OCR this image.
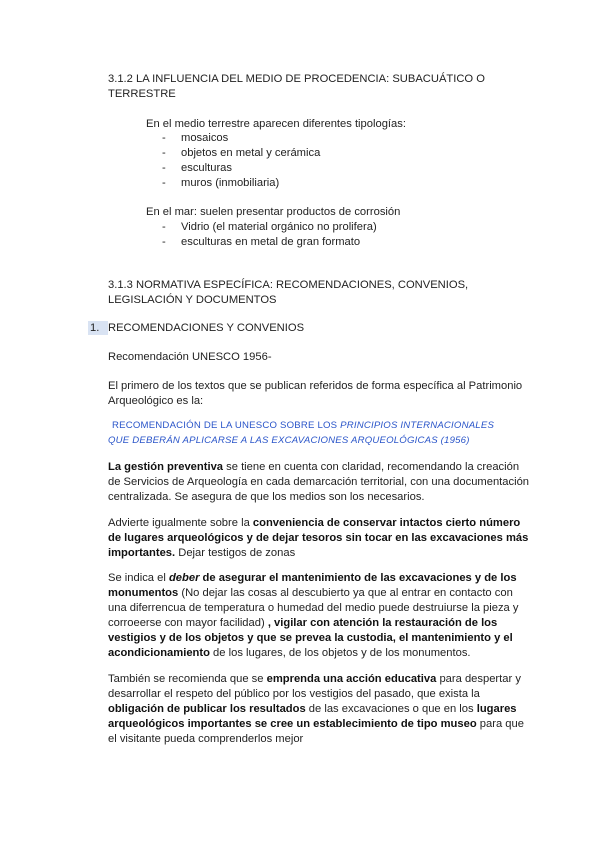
3.1.2 LA INFLUENCIA DEL MEDIO DE PROCEDENCIA: SUBACUÁTICO O
TERRESTRE
En el medio terrestre aparecen diferentes tipologías:
- mosaicos
- objetos en metal y cerámica
- esculturas
- muros (inmobiliaria)
En el mar: suelen presentar productos de corrosión
- Vidrio (el material orgánico no prolifera)
- esculturas en metal de gran formato
3.1.3 NORMATIVA ESPECÍFICA: RECOMENDACIONES, CONVENIOS,
LEGISLACIÓN Y DOCUMENTOS
1. RECOMENDACIONES Y CONVENIOS
Recomendación UNESCO 1956-
El primero de los textos que se publican referidos de forma específica al Patrimonio
Arqueológico es la:
RECOMENDACIÓN DE LA UNESCO SOBRE LOS PRINCIPIOS INTERNACIONALES
QUE DEBERÁN APLICARSE A LAS EXCAVACIONES ARQUEOLÓGICAS (1956)
La gestión preventiva se tiene en cuenta con claridad, recomendando la creación
de Servicios de Arqueología en cada demarcación territorial, con una documentación
centralizada. Se asegura de que los medios son los necesarios.
Advierte igualmente sobre la conveniencia de conservar intactos cierto número
de lugares arqueológicos y de dejar tesoros sin tocar en las excavaciones más
importantes. Dejar testigos de zonas
Se indica el deber de asegurar el mantenimiento de las excavaciones y de los
monumentos (No dejar las cosas al descubierto ya que al entrar en contacto con
una diferrencua de temperatura o humedad del medio puede destruiurse la pieza y
corroeerse con mayor facilidad) , vigilar con atención la restauración de los
vestigios y de los objetos y que se prevea la custodia, el mantenimiento y el
acondicionamiento de los lugares, de los objetos y de los monumentos.
También se recomienda que se emprenda una acción educativa para despertar y
desarrollar el respeto del público por los vestigios del pasado, que exista la
obligación de publicar los resultados de las excavaciones o que en los lugares
arqueológicos importantes se cree un establecimiento de tipo museo para que
el visitante pueda comprenderlos mejor
